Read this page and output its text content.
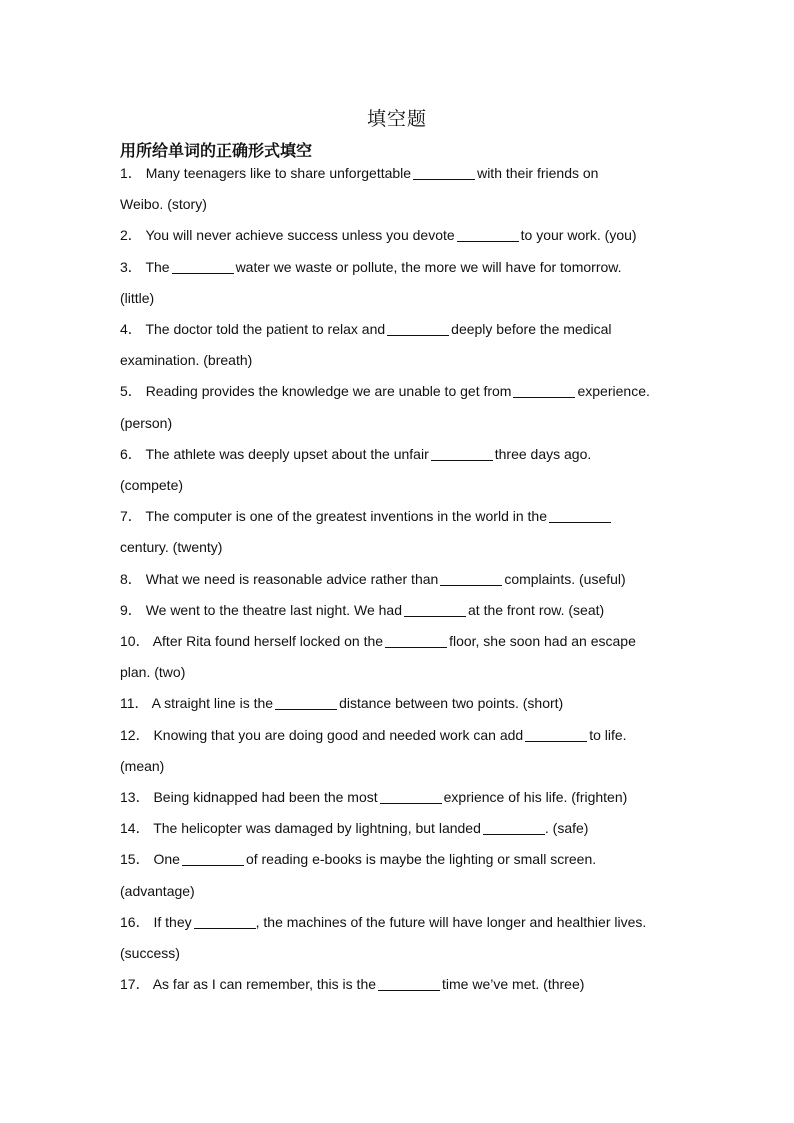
填空题
用所给单词的正确形式填空
1． Many teenagers like to share unforgettable	with their friends on
Weibo. (story)
2． You will never achieve success unless you devote	to your work. (you)
3． The	water we waste or pollute, the more we will have for tomorrow.
(little)
4． The doctor told the patient to relax and	deeply before the medical
examination. (breath)
5． Reading provides the knowledge we are unable to get from	experience.
(person)
6． The athlete was deeply upset about the unfair	three days ago.
(compete)
7． The computer is one of the greatest inventions in the world in the
century. (twenty)
8． What we need is reasonable advice rather than	complaints. (useful)
9． We went to the theatre last night. We had	at the front row. (seat)
10． After Rita found herself locked on the	floor, she soon had an escape
plan. (two)
11． A straight line is the	distance between two points. (short)
12． Knowing that you are doing good and needed work can add	to life.
(mean)
13． Being kidnapped had been the most	exprience of his life. (frighten)
14． The helicopter was damaged by lightning, but landed	. (safe)
15． One	of reading e-books is maybe the lighting or small screen.
(advantage)
16． If they	, the machines of the future will have longer and healthier lives.
(success)
17． As far as I can remember, this is the	time we’ve met. (three)
